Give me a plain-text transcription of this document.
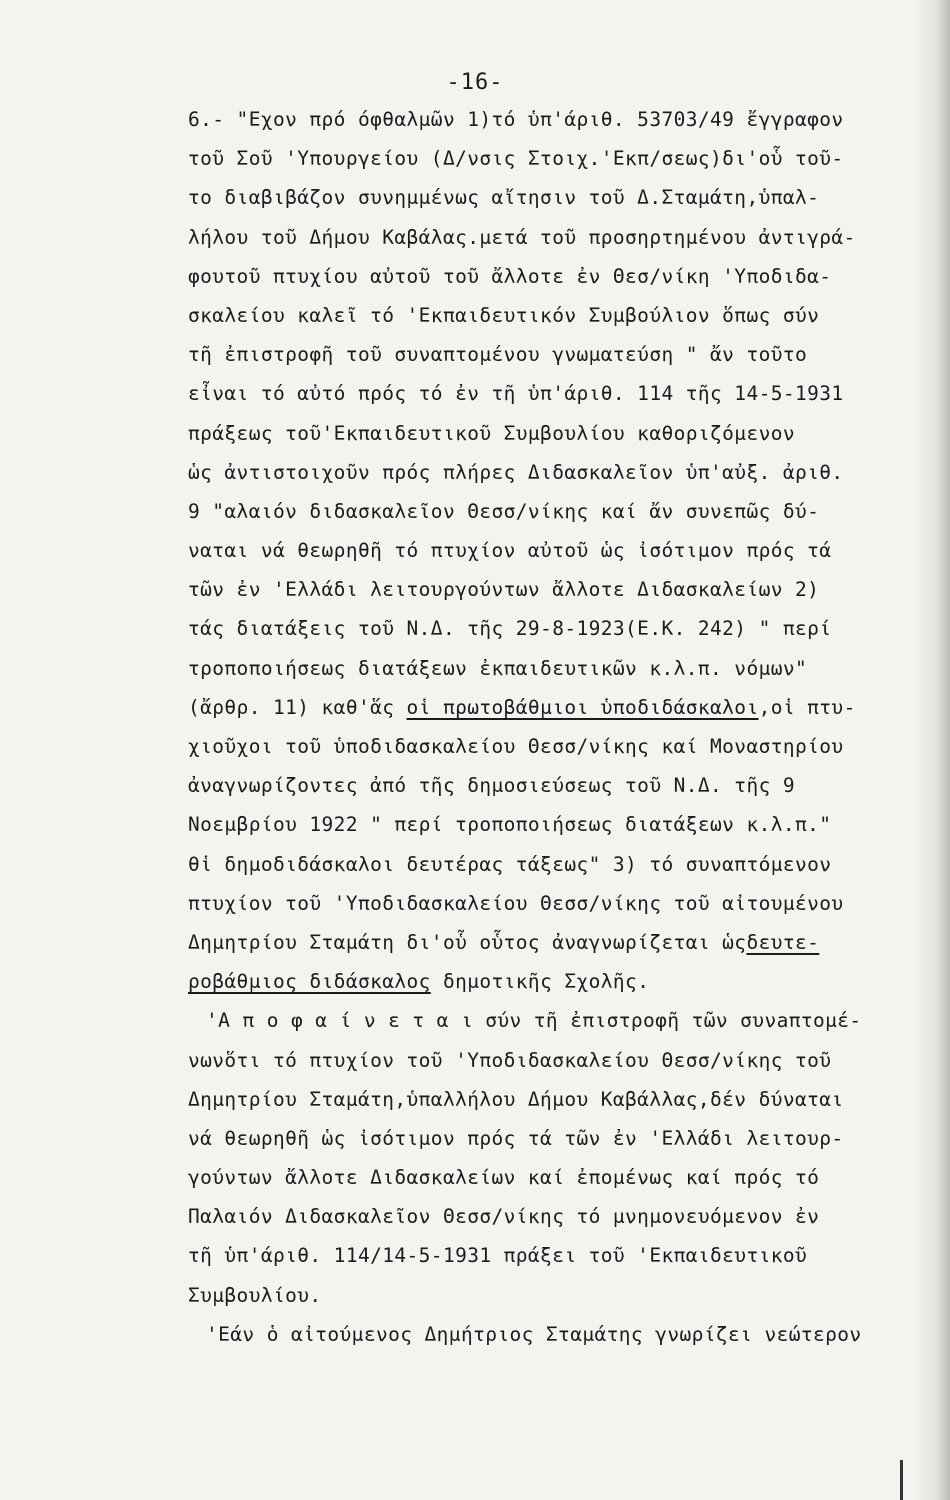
-16-
6.- "Εχον πρό όφθαλμῶν 1)τό ὑπ'άριθ. 53703/49 ἔγγραφον
τοῦ Σοῦ 'Υπουργείου (Δ/νσις Στοιχ.'Εκπ/σεως)δι'οὗ τοῦ-
το διαβιβάζον συνημμένως αἴτησιν τοῦ Δ.Σταμάτη,ὑπαλ-
λήλου τοῦ Δήμου Καβάλας.μετά τοῦ προσηρτημένου ἀντιγρά-
φουτοῦ πτυχίου αὐτοῦ τοῦ ἄλλοτε ἐν Θεσ/νίκη 'Υποδιδα-
σκαλείου καλεῖ τό 'Εκπαιδευτικόν Συμβούλιον ὅπως σύν
τῆ ἐπιστροφῆ τοῦ συναπτομένου γνωματεύση " ἄν τοῦτο
εἶναι τό αὐτό πρός τό ἐν τῆ ὑπ'άριθ. 114 τῆς 14-5-1931
πράξεως τοῦ'Εκπαιδευτικοῦ Συμβουλίου καθοριζόμενον
ὡς ἀντιστοιχοῦν πρός πλήρες Διδασκαλεῖον ὑπ'αὐξ. ἀριθ.
9 "αλαιόν διδασκαλεῖον Θεσσ/νίκης καί ἄν συνεπῶς δύ-
ναται νά θεωρηθῆ τό πτυχίον αὐτοῦ ὡς ἰσότιμον πρός τά
τῶν ἐν 'Ελλάδι λειτουργούντων ἄλλοτε Διδασκαλείων 2)
τάς διατάξεις τοῦ Ν.Δ. τῆς 29-8-1923(Ε.Κ. 242) " περί
τροποποιήσεως διατάξεων ἐκπαιδευτικῶν κ.λ.π. νόμων"
(ἄρθρ. 11) καθ'ἅς οἱ πρωτοβάθμιοι ὑποδιδάσκαλοι,οἱ πτυ-
χιοῦχοι τοῦ ὑποδιδασκαλείου Θεσσ/νίκης καί Μοναστηρίου
ἀναγνωρίζοντες ἀπό τῆς δημοσιεύσεως τοῦ Ν.Δ. τῆς 9
Νοεμβρίου 1922 " περί τροποποιήσεως διατάξεων κ.λ.π."
θἱ δημοδιδάσκαλοι δευτέρας τάξεως" 3) τό συναπτόμενον
πτυχίον τοῦ 'Υποδιδασκαλείου Θεσσ/νίκης τοῦ αἰτουμένου
Δημητρίου Σταμάτη δι'οὗ οὗτος ἀναγνωρίζεται ὡςδευτε-
ροβάθμιος διδάσκαλος δημοτικῆς Σχολῆς.
'Α π ο φ α ί ν ε τ α ι σύν τῆ ἐπιστροφῆ τῶν συνaπτομέ-
νωνὅτι τό πτυχίον τοῦ 'Υποδιδασκαλείου Θεσσ/νίκης τοῦ
Δημητρίου Σταμάτη,ὑπαλλήλου Δήμου Καβάλλας,δέν δύναται
νά θεωρηθῆ ὡς ἰσότιμον πρός τά τῶν ἐν 'Ελλάδι λειτουρ-
γούντων ἄλλοτε Διδασκαλείων καί ἐπομένως καί πρός τό
Παλαιόν Διδασκαλεῖον Θεσσ/νίκης τό μνημονευόμενον ἐν
τῆ ὑπ'άριθ. 114/14-5-1931 πράξει τοῦ 'Εκπαιδευτικοῦ
Συμβουλίου.
'Εάν ὁ αἰτούμενος Δημήτριος Σταμάτης γνωρίζει νεώτερον
